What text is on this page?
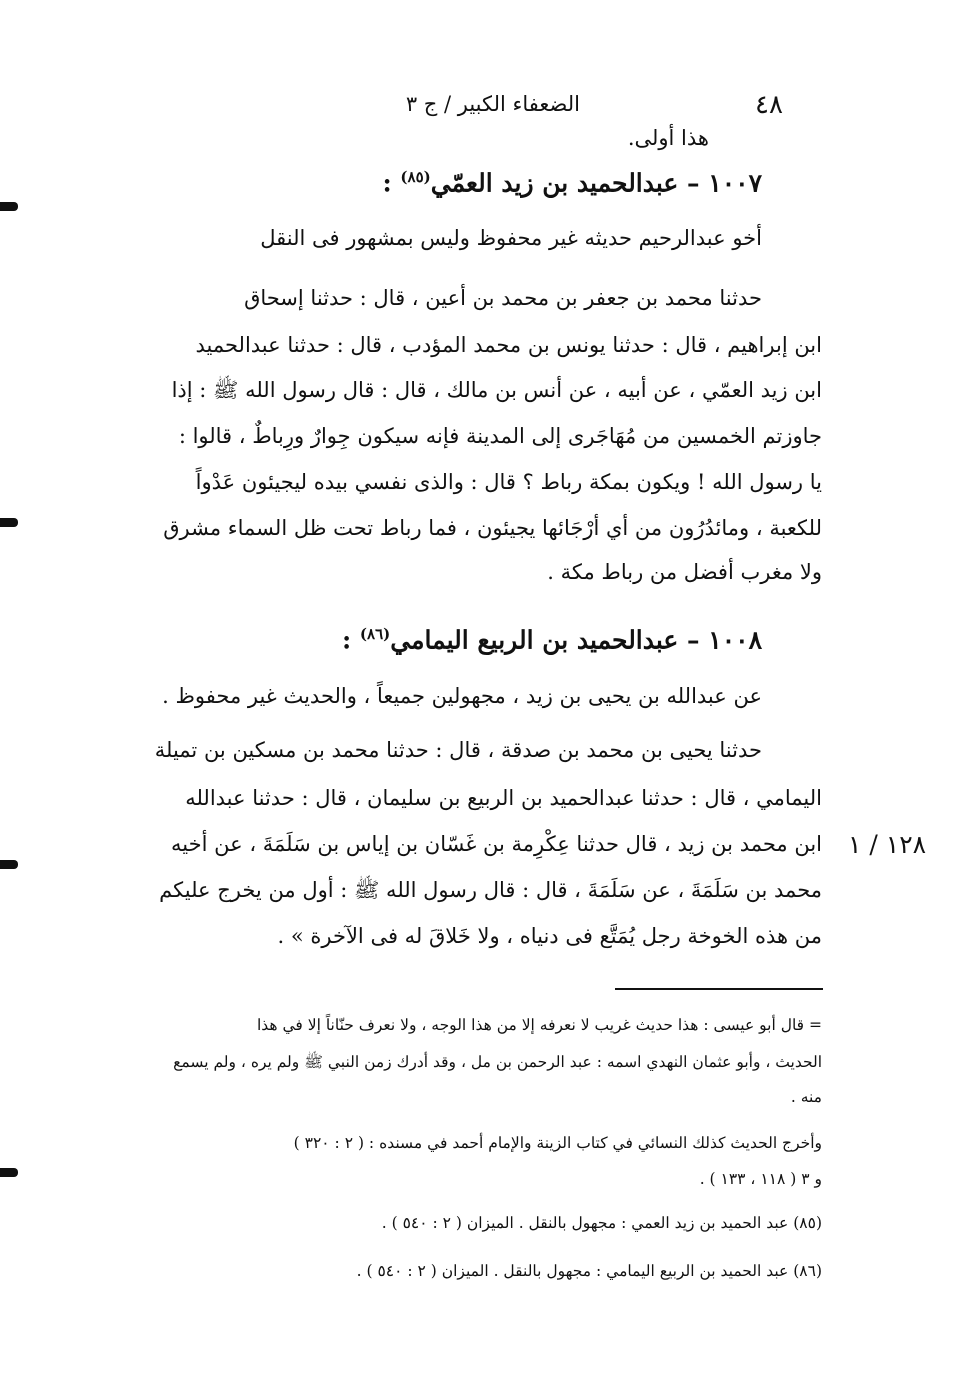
٤٨
الضعفاء الكبير / ج ٣
هذا أولى.
١٠٠٧ – عبدالحميد بن زيد العمّي$^{(٨٥)}$ :
أخو عبدالرحيم حديثه غير محفوظ وليس بمشهور فى النقل
حدثنا محمد بن جعفر بن محمد بن أعين ، قال : حدثنا إسحاق
ابن إبراهيم ، قال : حدثنا يونس بن محمد المؤدب ، قال : حدثنا عبدالحميد
ابن زيد العمّي ، عن أبيه ، عن أنس بن مالك ، قال : قال رسول الله ﷺ : إذا
جاوزتم الخمسين من مُهَاجَرى إلى المدينة فإنه سيكون جِوارٌ ورِباطٌ ، قالوا :
يا رسول الله ! ويكون بمكة رباط ؟ قال : والذى نفسي بيده ليجيئون عَدْواً
للكعبة ، ومائدُرُون من أي أرْجَائها يجيئون ، فما رباط تحت ظل السماء مشرق
ولا مغرب أفضل من رباط مكة .
١٠٠٨ – عبدالحميد بن الربيع اليمامي$^{(٨٦)}$ :
عن عبدالله بن يحيى بن زيد ، مجهولين جميعاً ، والحديث غير محفوظ .
حدثنا يحيى بن محمد بن صدقة ، قال : حدثنا محمد بن مسكين بن تميلة
اليمامي ، قال : حدثنا عبدالحميد بن الربيع بن سليمان ، قال : حدثنا عبدالله
ابن محمد بن زيد ، قال حدثنا عِكْرِمة بن غَسّان بن إياس بن سَلَمَةَ ، عن أخيه
محمد بن سَلَمَةَ ، عن سَلَمَةَ ، قال : قال رسول الله ﷺ : أول من يخرج عليكم
من هذه الخوخة رجل يُمَتَّع فى دنياه ، ولا خَلاقَ له فى الآخرة » .
١٢٨ / ١
= قال أبو عيسى : هذا حديث غريب لا نعرفه إلا من هذا الوجه ، ولا نعرف حنّاناً إلا في هذا
الحديث ، وأبو عثمان النهدي اسمه : عبد الرحمن بن مل ، وقد أدرك زمن النبي ﷺ ولم يره ، ولم يسمع
منه .
وأخرج الحديث كذلك النسائي في كتاب الزينة والإمام أحمد في مسنده : ( ٢ : ٣٢٠ )
و ٣ ( ١١٨ ، ١٣٣ ) .
(٨٥) عبد الحميد بن زيد العمي : مجهول بالنقل . الميزان ( ٢ : ٥٤٠ ) .
(٨٦) عبد الحميد بن الربيع اليمامي : مجهول بالنقل . الميزان ( ٢ : ٥٤٠ ) .
